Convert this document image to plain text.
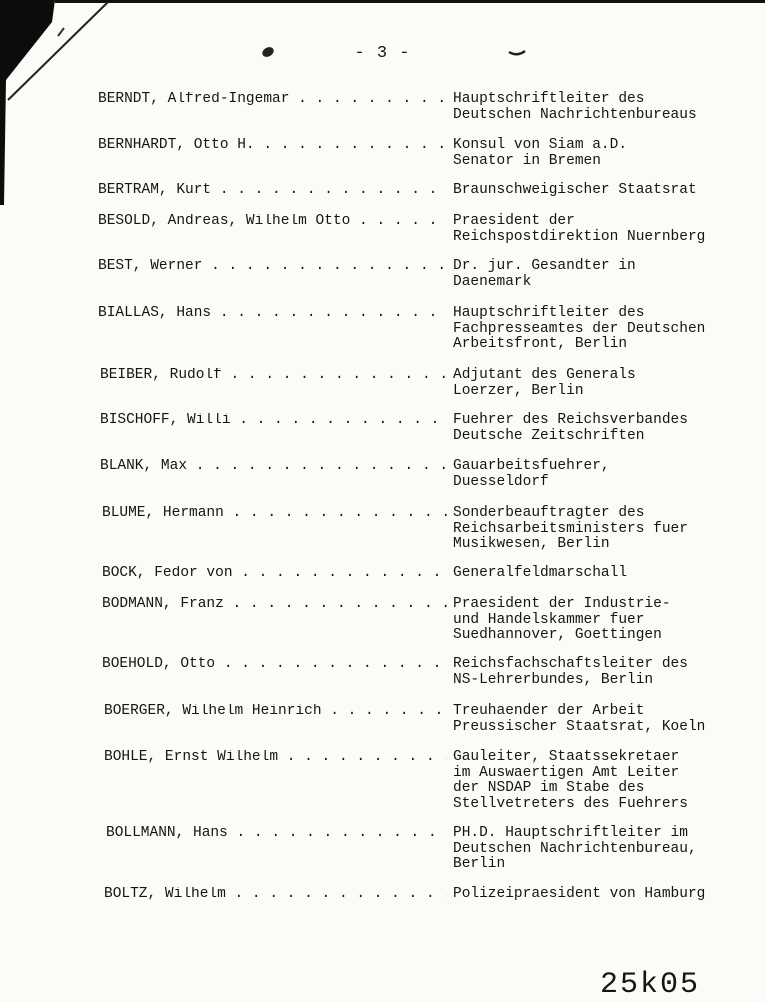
- 3 -
BERNDT, Alfred-Ingemar . . .	Hauptschriftleiter des
Deutschen Nachrichtenbureaus
BERNHARDT, Otto H. . . .	Konsul von Siam a.D.
Senator in Bremen
BERTRAM, Kurt . . .	Braunschweigischer Staatsrat
BESOLD, Andreas, Wilhelm Otto . . .	Praesident der
Reichspostdirektion Nuernberg
BEST, Werner . . .	Dr. jur. Gesandter in
Daenemark
BIALLAS, Hans . . .	Hauptschriftleiter des
Fachpresseamtes der Deutschen
Arbeitsfront, Berlin
BEIBER, Rudolf . . .	Adjutant des Generals
Loerzer, Berlin
BISCHOFF, Willi . . .	Fuehrer des Reichsverbandes
Deutsche Zeitschriften
BLANK, Max . . .	Gauarbeitsfuehrer,
Duesseldorf
BLUME, Hermann . . .	Sonderbeauftragter des
Reichsarbeitsministers fuer
Musikwesen, Berlin
BOCK, Fedor von . . .	Generalfeldmarschall
BODMANN, Franz . . .	Praesident der Industrie-
und Handelskammer fuer
Suedhannover, Goettingen
BOEHOLD, Otto . . .	Reichsfachschaftsleiter des
NS-Lehrerbundes, Berlin
BOERGER, Wilhelm Heinrich . . .	Treuhaender der Arbeit
Preussischer Staatsrat, Koeln
BOHLE, Ernst Wilhelm . . .	Gauleiter, Staatssekretaer
im Auswaertigen Amt Leiter
der NSDAP im Stabe des
Stellvetreters des Fuehrers
BOLLMANN, Hans . . .	PH.D. Hauptschriftleiter im
Deutschen Nachrichtenbureau,
Berlin
BOLTZ, Wilhelm . . .	Polizeipraesident von Hamburg
25k05
